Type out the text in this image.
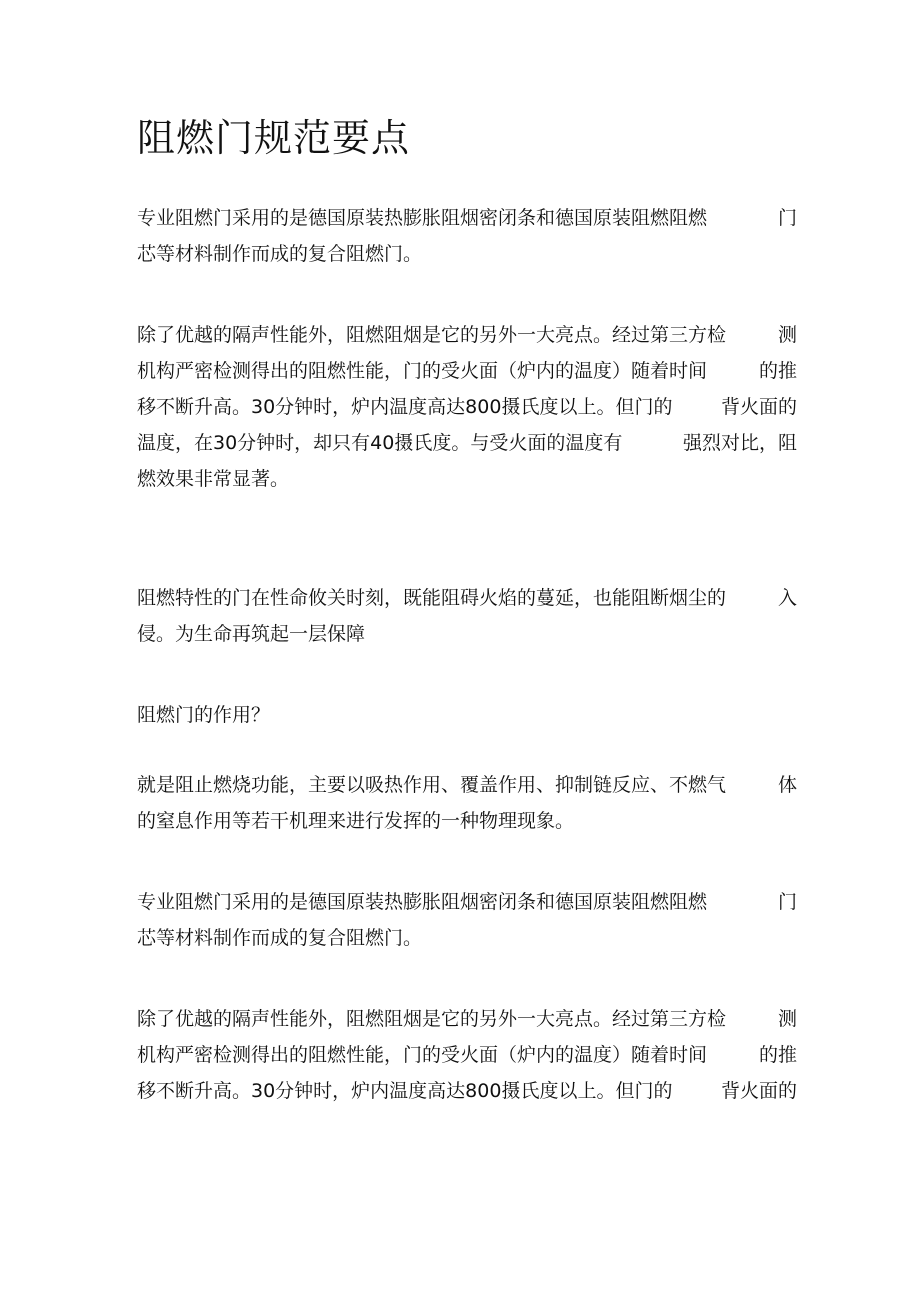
阻燃门规范要点
专业阻燃门采用的是德国原装热膨胀阻烟密闭条和德国原装阻燃阻燃	门
芯等材料制作而成的复合阻燃门。
除了优越的隔声性能外，阻燃阻烟是它的另外一大亮点。经过第三方检	测
机构严密检测得出的阻燃性能，门的受火面（炉内的温度）随着时间	的推
移不断升高。30分钟时，炉内温度高达800摄氏度以上。但门的	背火面的
温度，在30分钟时，却只有40摄氏度。与受火面的温度有	强烈对比，阻
燃效果非常显著。
阻燃特性的门在性命攸关时刻，既能阻碍火焰的蔓延，也能阻断烟尘的	入
侵。为生命再筑起一层保障
阻燃门的作用？
就是阻止燃烧功能，主要以吸热作用、覆盖作用、抑制链反应、不燃气	体
的窒息作用等若干机理来进行发挥的一种物理现象。
专业阻燃门采用的是德国原装热膨胀阻烟密闭条和德国原装阻燃阻燃	门
芯等材料制作而成的复合阻燃门。
除了优越的隔声性能外，阻燃阻烟是它的另外一大亮点。经过第三方检	测
机构严密检测得出的阻燃性能，门的受火面（炉内的温度）随着时间	的推
移不断升高。30分钟时，炉内温度高达800摄氏度以上。但门的	背火面的
